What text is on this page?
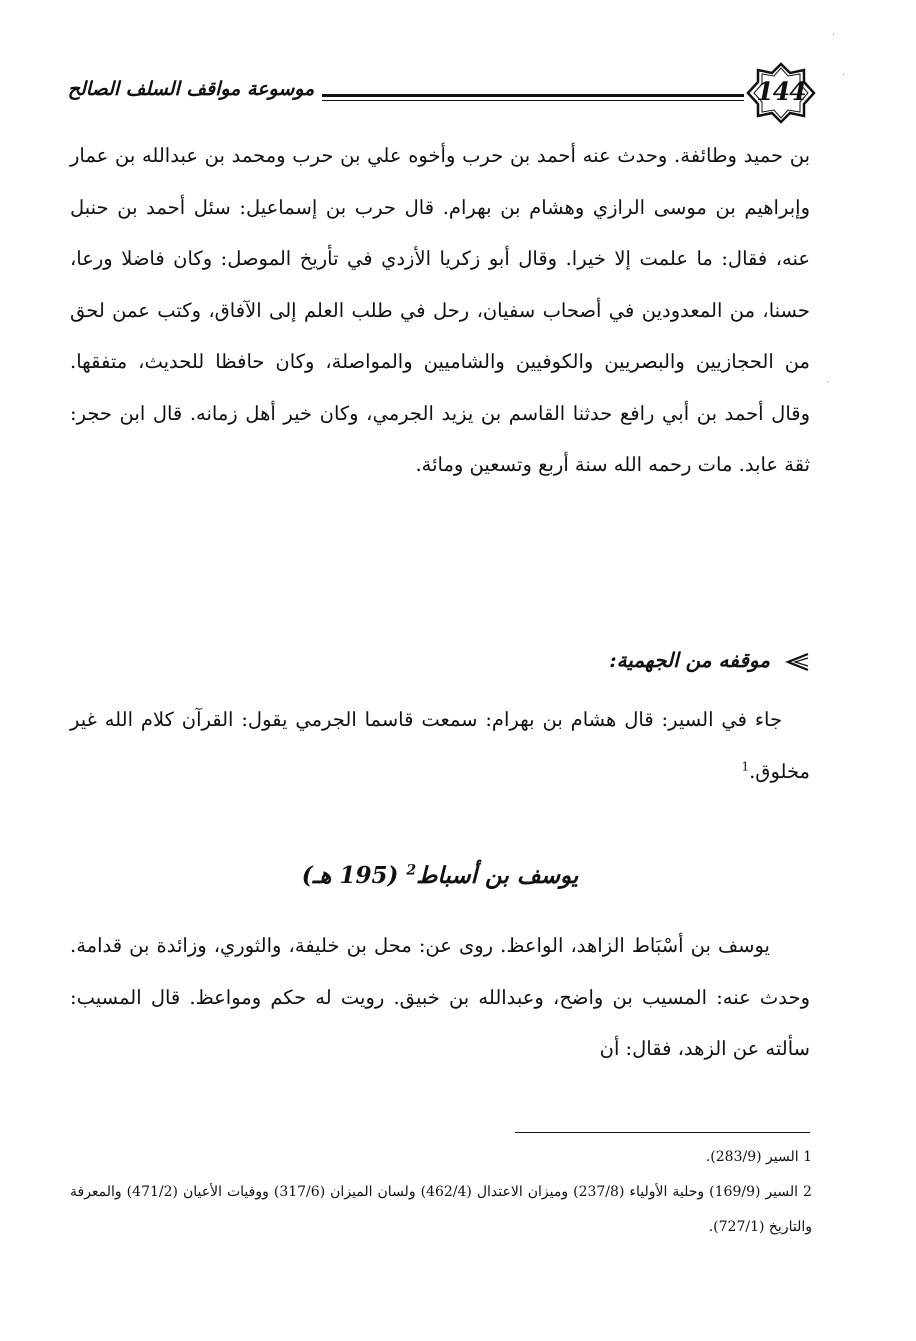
موسوعة مواقف السلف الصالح	144

بن حميد وطائفة. وحدث عنه أحمد بن حرب وأخوه علي بن حرب ومحمد بن عبدالله بن عمار وإبراهيم بن موسى الرازي وهشام بن بهرام. قال حرب بن إسماعيل: سئل أحمد بن حنبل عنه، فقال: ما علمت إلا خيرا. وقال أبو زكريا الأزدي في تأريخ الموصل: وكان فاضلا ورعا، حسنا، من المعدودين في أصحاب سفيان، رحل في طلب العلم إلى الآفاق، وكتب عمن لحق من الحجازيين والبصريين والكوفيين والشاميين والمواصلة، وكان حافظا للحديث، متفقها. وقال أحمد بن أبي رافع حدثنا القاسم بن يزيد الجرمي، وكان خير أهل زمانه. قال ابن حجر: ثقة عابد. مات رحمه الله سنة أربع وتسعين ومائة.

موقفه من الجهمية:

جاء في السير: قال هشام بن بهرام: سمعت قاسما الجرمي يقول: القرآن كلام الله غير مخلوق.$^1$

يوسف بن أسباط$^2$ (195 هـ)

يوسف بن أسْبَاط الزاهد، الواعظ. روى عن: محل بن خليفة، والثوري، وزائدة بن قدامة. وحدث عنه: المسيب بن واضح، وعبدالله بن خبيق. رويت له حكم ومواعظ. قال المسيب: سألته عن الزهد، فقال: أن

1 السير (283/9).

2 السير (169/9) وحلية الأولياء (237/8) وميزان الاعتدال (462/4) ولسان الميزان (317/6) ووفيات الأعيان (471/2) والمعرفة والتاريخ (727/1).

·
·
·
